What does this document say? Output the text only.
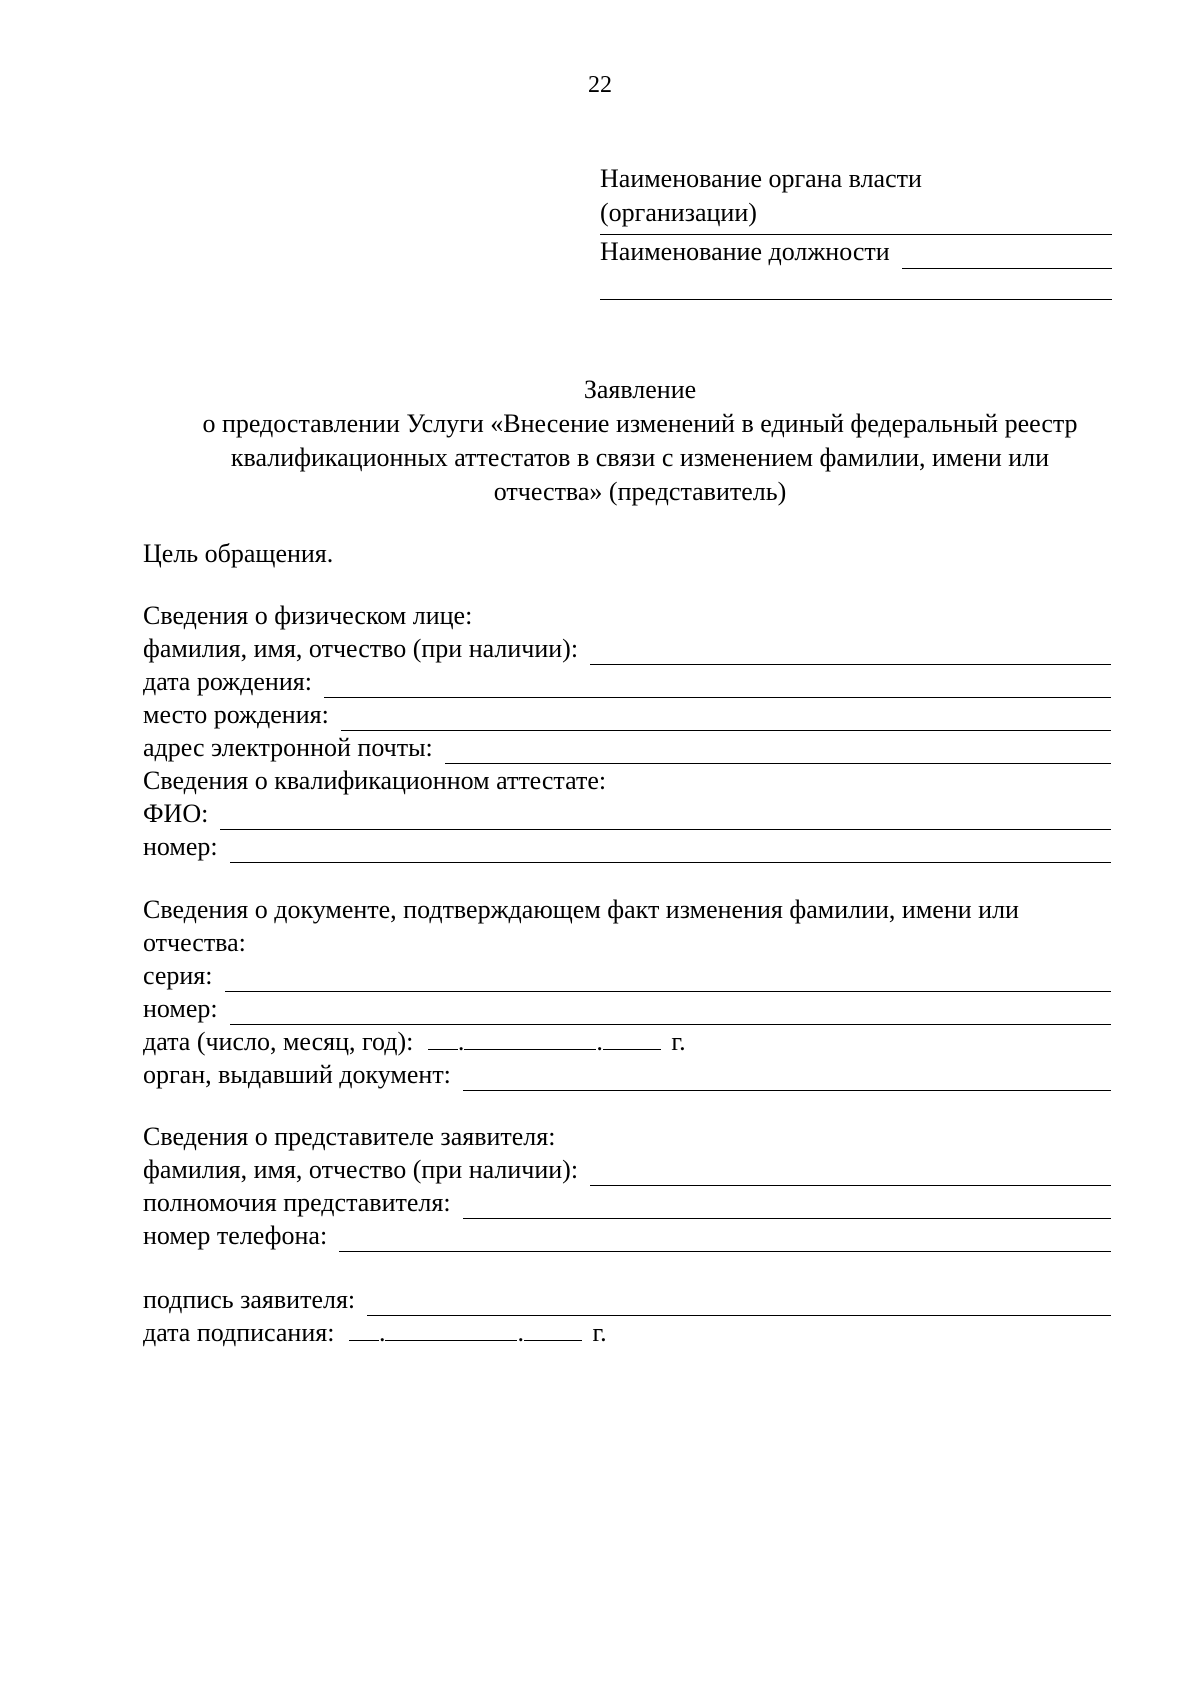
22
Наименование органа власти
(организации)
Наименование должности
Заявление
о предоставлении Услуги «Внесение изменений в единый федеральный реестр
квалификационных аттестатов в связи с изменением фамилии, имени или
отчества» (представитель)
Цель обращения.
Сведения о физическом лице:
фамилия, имя, отчество (при наличии):
дата рождения:
место рождения:
адрес электронной почты:
Сведения о квалификационном аттестате:
ФИО:
номер:
Сведения о документе, подтверждающем факт изменения фамилии, имени или
отчества:
серия:
номер:
дата (число, месяц, год): .	.	г.
орган, выдавший документ:
Сведения о представителе заявителя:
фамилия, имя, отчество (при наличии):
полномочия представителя:
номер телефона:
подпись заявителя:
дата подписания: .	.	г.
